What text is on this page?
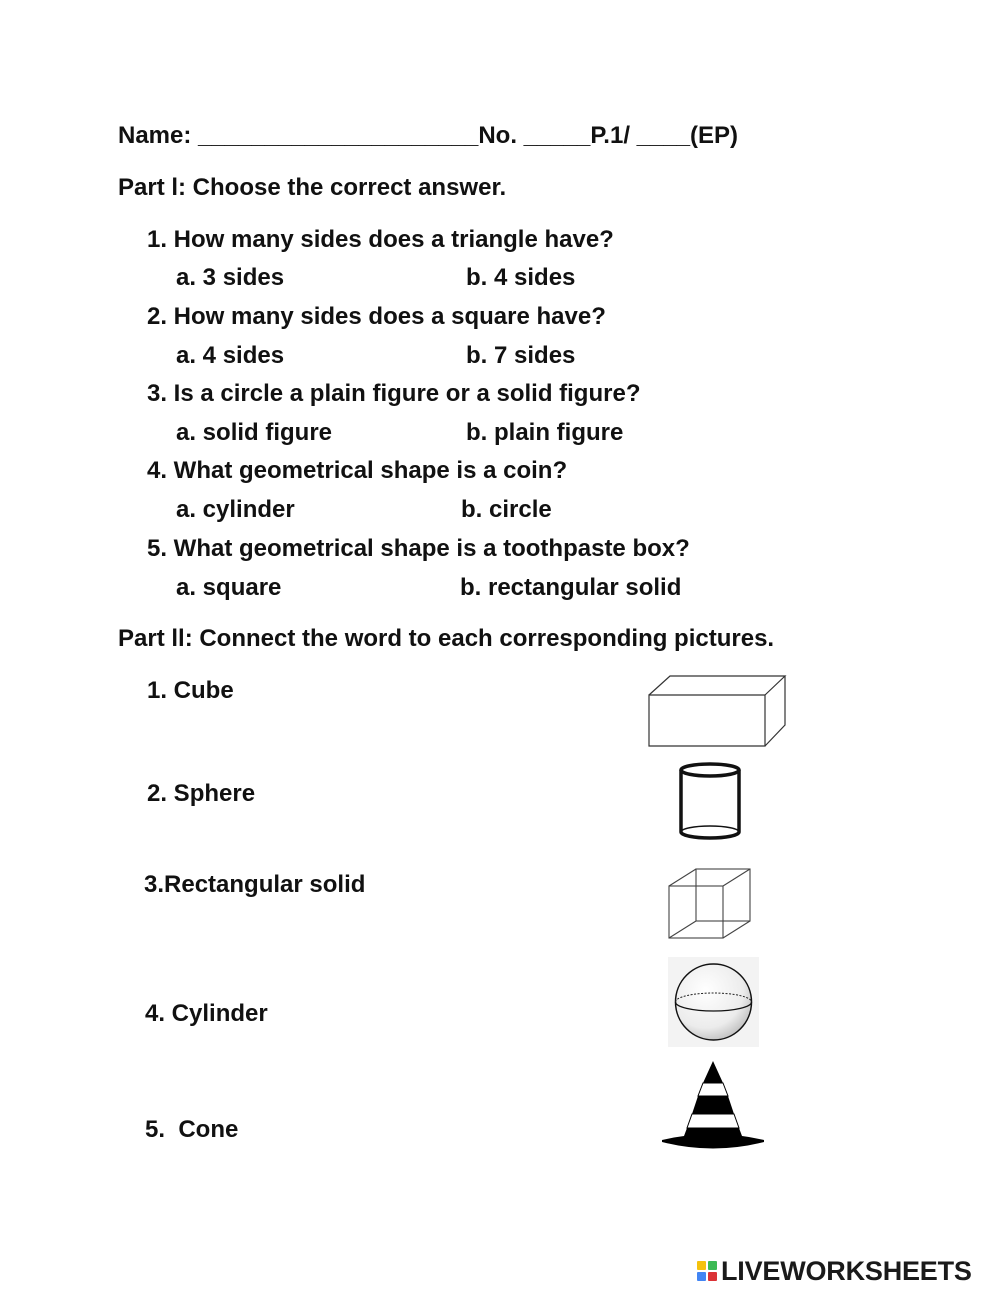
Name: _____________________No. _____P.1/ ____(EP)
Part l: Choose the correct answer.
1. How many sides does a triangle have?
a. 3 sides	b. 4 sides
2. How many sides does a square have?
a. 4 sides	b. 7 sides
3. Is a circle a plain figure or a solid figure?
a. solid figure	b. plain figure
4. What geometrical shape is a coin?
a. cylinder	b. circle
5. What geometrical shape is a toothpaste box?
a. square	b. rectangular solid
Part ll: Connect the word to each corresponding pictures.
1. Cube
2. Sphere
3.Rectangular solid
4. Cylinder
5.  Cone
LIVEWORKSHEETS
